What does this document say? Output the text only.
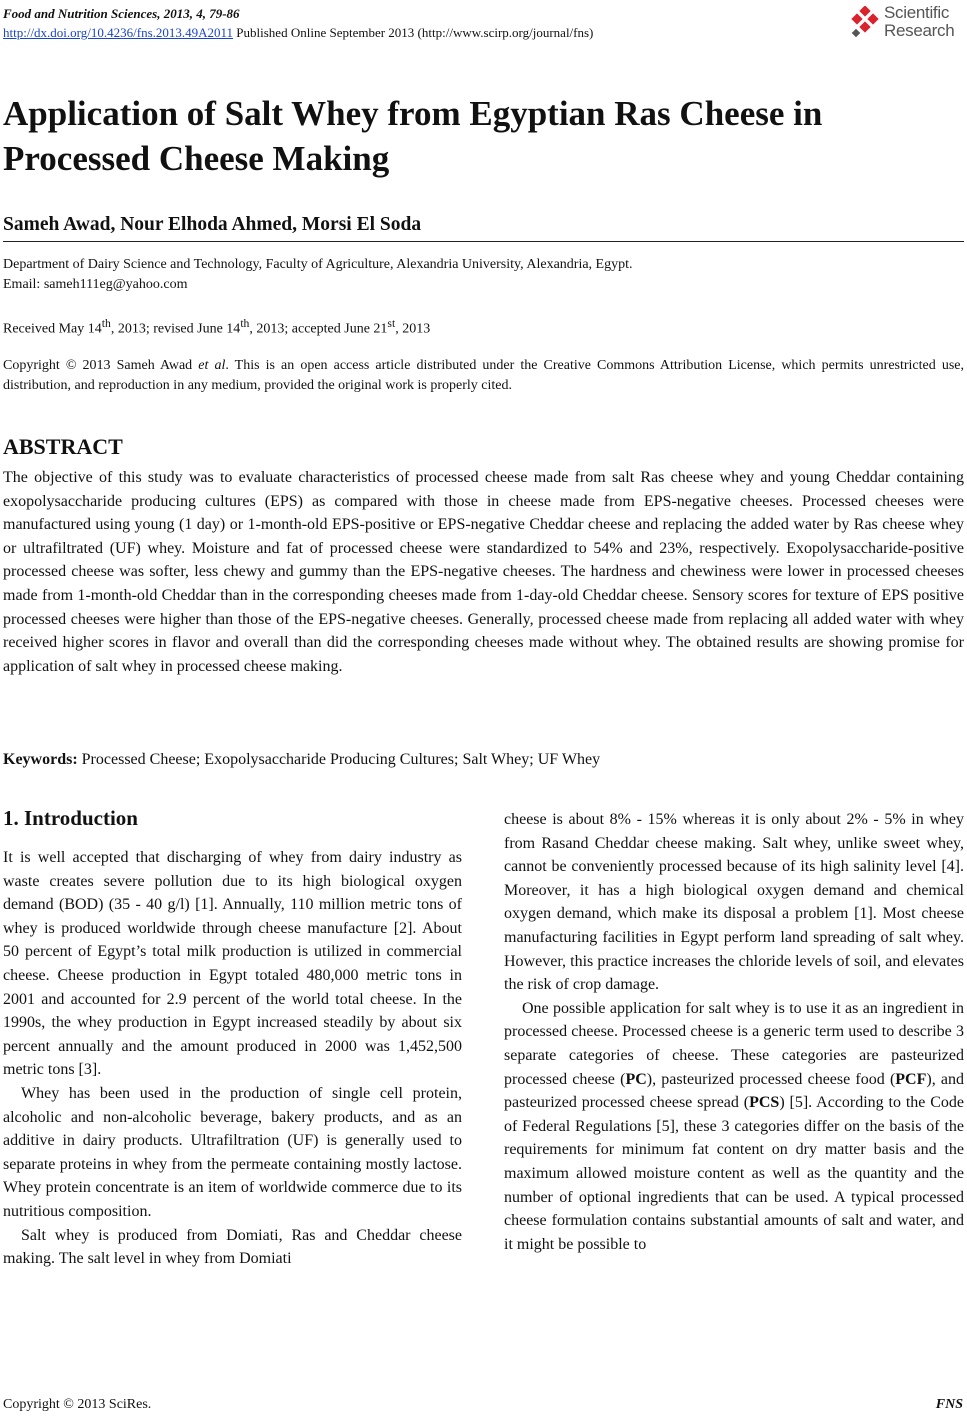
Food and Nutrition Sciences, 2013, 4, 79-86
http://dx.doi.org/10.4236/fns.2013.49A2011 Published Online September 2013 (http://www.scirp.org/journal/fns)
Scientific
Research
Application of Salt Whey from Egyptian Ras Cheese in Processed Cheese Making
Sameh Awad, Nour Elhoda Ahmed, Morsi El Soda
Department of Dairy Science and Technology, Faculty of Agriculture, Alexandria University, Alexandria, Egypt.
Email: sameh111eg@yahoo.com
Received May 14th, 2013; revised June 14th, 2013; accepted June 21st, 2013
Copyright © 2013 Sameh Awad et al. This is an open access article distributed under the Creative Commons Attribution License, which permits unrestricted use, distribution, and reproduction in any medium, provided the original work is properly cited.
ABSTRACT

The objective of this study was to evaluate characteristics of processed cheese made from salt Ras cheese whey and young Cheddar containing exopolysaccharide producing cultures (EPS) as compared with those in cheese made from EPS-negative cheeses. Processed cheeses were manufactured using young (1 day) or 1-month-old EPS-positive or EPS-negative Cheddar cheese and replacing the added water by Ras cheese whey or ultrafiltrated (UF) whey. Moisture and fat of processed cheese were standardized to 54% and 23%, respectively. Exopolysaccharide-positive processed cheese was softer, less chewy and gummy than the EPS-negative cheeses. The hardness and chewiness were lower in processed cheeses made from 1-month-old Cheddar than in the corresponding cheeses made from 1-day-old Cheddar cheese. Sensory scores for texture of EPS positive processed cheeses were higher than those of the EPS-negative cheeses. Generally, processed cheese made from replacing all added water with whey received higher scores in flavor and overall than did the corresponding cheeses made without whey. The obtained results are showing promise for application of salt whey in processed cheese making.

Keywords: Processed Cheese; Exopolysaccharide Producing Cultures; Salt Whey; UF Whey
1. Introduction

It is well accepted that discharging of whey from dairy industry as waste creates severe pollution due to its high biological oxygen demand (BOD) (35 - 40 g/l) [1]. Annually, 110 million metric tons of whey is produced worldwide through cheese manufacture [2]. About 50 percent of Egypt’s total milk production is utilized in commercial cheese. Cheese production in Egypt totaled 480,000 metric tons in 2001 and accounted for 2.9 percent of the world total cheese. In the 1990s, the whey production in Egypt increased steadily by about six percent annually and the amount produced in 2000 was 1,452,500 metric tons [3].

Whey has been used in the production of single cell protein, alcoholic and non-alcoholic beverage, bakery products, and as an additive in dairy products. Ultrafiltration (UF) is generally used to separate proteins in whey from the permeate containing mostly lactose. Whey protein concentrate is an item of worldwide commerce due to its nutritious composition.

Salt whey is produced from Domiati, Ras and Cheddar cheese making. The salt level in whey from Domiati

cheese is about 8% - 15% whereas it is only about 2% - 5% in whey from Rasand Cheddar cheese making. Salt whey, unlike sweet whey, cannot be conveniently processed because of its high salinity level [4]. Moreover, it has a high biological oxygen demand and chemical oxygen demand, which make its disposal a problem [1]. Most cheese manufacturing facilities in Egypt perform land spreading of salt whey. However, this practice increases the chloride levels of soil, and elevates the risk of crop damage.

One possible application for salt whey is to use it as an ingredient in processed cheese. Processed cheese is a generic term used to describe 3 separate categories of cheese. These categories are pasteurized processed cheese (PC), pasteurized processed cheese food (PCF), and pasteurized processed cheese spread (PCS) [5]. According to the Code of Federal Regulations [5], these 3 categories differ on the basis of the requirements for minimum fat content on dry matter basis and the maximum allowed moisture content as well as the quantity and the number of optional ingredients that can be used. A typical processed cheese formulation contains substantial amounts of salt and water, and it might be possible to

Copyright © 2013 SciRes.	FNS
